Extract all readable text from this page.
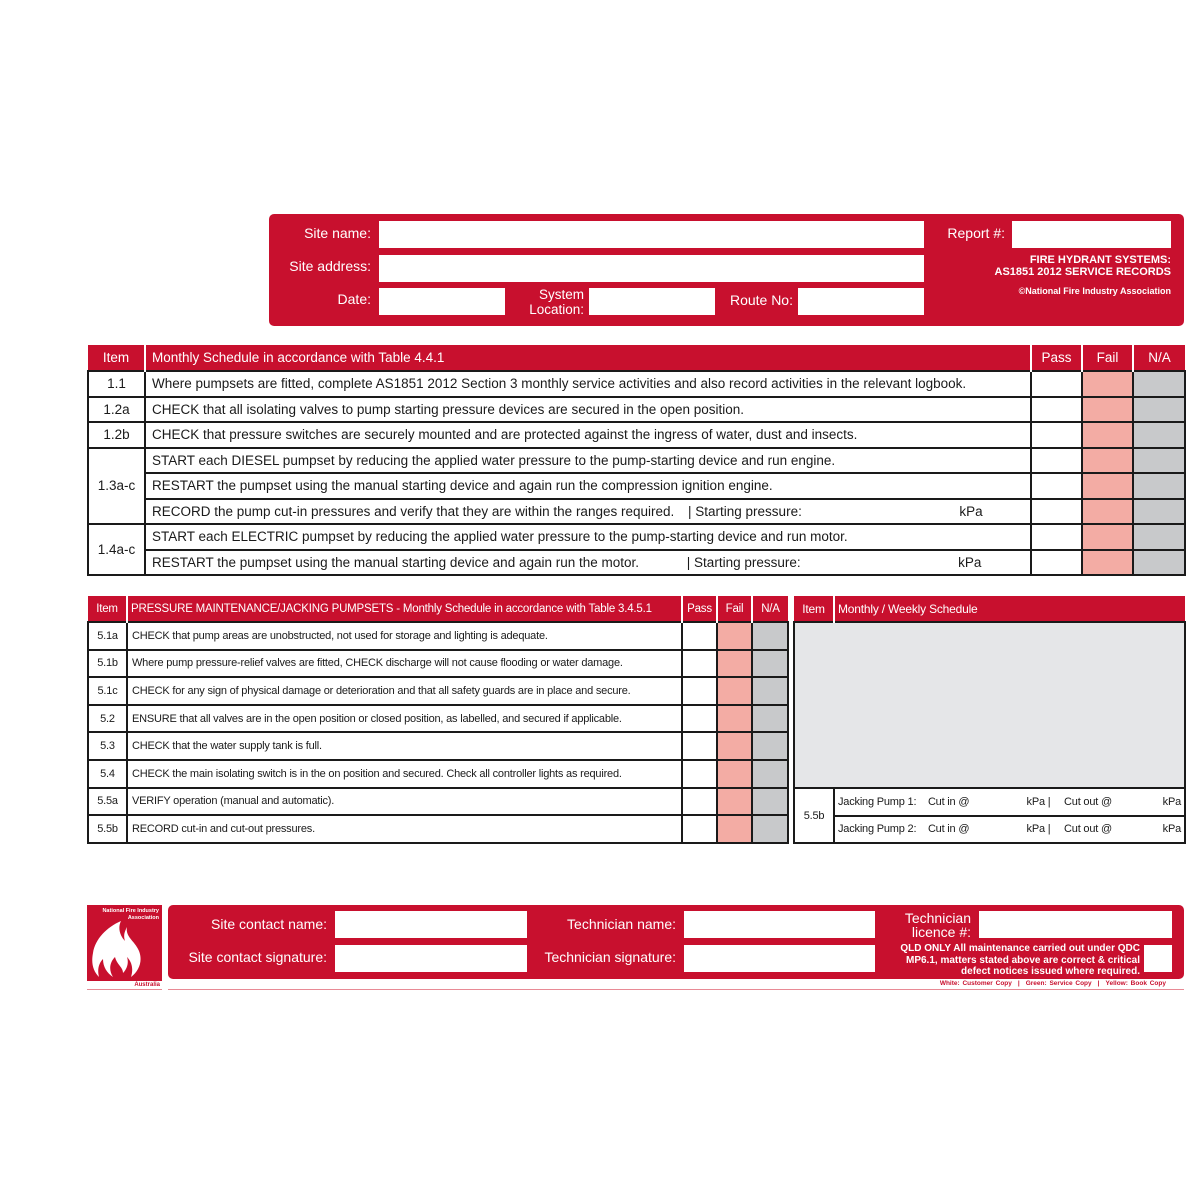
Site name:
Site address:
Date:	System
Location:
Route No:
Report #:
FIRE HYDRANT SYSTEMS:
AS1851 2012 SERVICE RECORDS
©National Fire Industry Association
Item	Monthly Schedule in accordance with Table 4.4.1	Pass	Fail	N/A
1.1	Where pumpsets are fitted, complete AS1851 2012 Section 3 monthly service activities and also record activities in the relevant logbook.			
1.2a	CHECK that all isolating valves to pump starting pressure devices are secured in the open position.			
1.2b	CHECK that pressure switches are securely mounted and are protected against the ingress of water, dust and insects.			
1.3a-c	START each DIESEL pumpset by reducing the applied water pressure to the pump-starting device and run engine.			
	RESTART the pumpset using the manual starting device and again run the compression ignition engine.			
	RECORD the pump cut-in pressures and verify that they are within the ranges required. | Starting pressure: kPa			
1.4a-c	START each ELECTRIC pumpset by reducing the applied water pressure to the pump-starting device and run motor.			
	RESTART the pumpset using the manual starting device and again run the motor. | Starting pressure: kPa			
Item	PRESSURE MAINTENANCE/JACKING PUMPSETS - Monthly Schedule in accordance with Table 3.4.5.1	Pass	Fail	N/A
5.1a	CHECK that pump areas are unobstructed, not used for storage and lighting is adequate.			
5.1b	Where pump pressure-relief valves are fitted, CHECK discharge will not cause flooding or water damage.			
5.1c	CHECK for any sign of physical damage or deterioration and that all safety guards are in place and secure.			
5.2	ENSURE that all valves are in the open position or closed position, as labelled, and secured if applicable.			
5.3	CHECK that the water supply tank is full.			
5.4	CHECK the main isolating switch is in the on position and secured. Check all controller lights as required.			
5.5a	VERIFY operation (manual and automatic).			
5.5b	RECORD cut-in and cut-out pressures.			
Item	Monthly / Weekly Schedule

5.5b	Jacking Pump 1: Cut in @ kPa | Cut out @ kPa

	Jacking Pump 2: Cut in @ kPa | Cut out @ kPa
National Fire Industry
Association
Australia
Site contact name:
Site contact signature:
Technician name:
Technician signature:
Technician
licence #:
QLD ONLY All maintenance carried out under QDC
MP6.1, matters stated above are correct & critical
defect notices issued where required.
White: Customer Copy | Green: Service Copy | Yellow: Book Copy
